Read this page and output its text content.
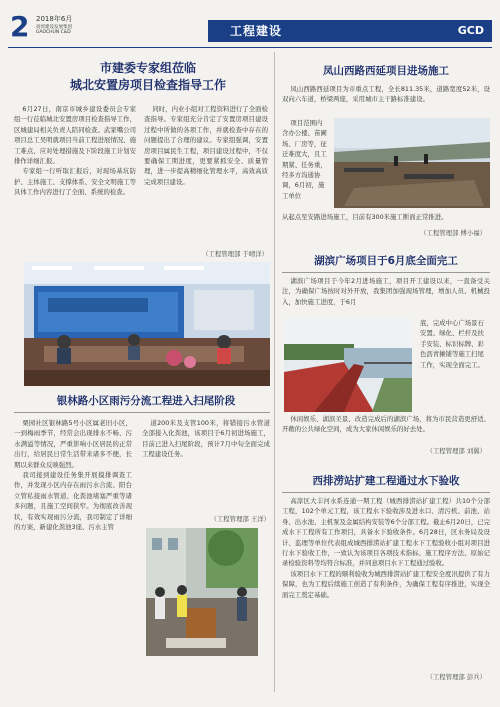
2 2018年6月
高淳建设发展集团
GAOCHUN C&D	工程建设	GCD
市建委专家组莅临
城北安置房项目检查指导工作

6月27日，南京市城乡建设委员会专家组一行莅临城北安置房项目检查指导工作，区城建局相关负责人陪同检查。武家嘴公司项目总工吴明就项目当前工程进展情况、施工难点、应对处理措施及下阶段施工计划安排作详细汇报。

专家组一行听取汇报后，对现场基坑防护、主体施工、支撑体系、安全文明施工等具体工作内容进行了全面、系统的检查。

同时，内业小组对工程资料进行了全面检查指导。专家组充分肯定了安置房项目建设过程中所做的各项工作，并就检查中存在的问题提出了合理的建议。专家组强调，安置房项目属民生工程，项目建设过程中，不仅要确保工期进度，更要紧抓安全、质量管理，进一步提高精细化管理水平，高效高质完成项目建设。

（工程管理部 于晴洋）
银林路小区雨污分流工程进入扫尾阶段

栗园社区银林路5号小区属老旧小区，一到梅雨季节，经常会出现排水不畅、污水满溢等情况，严重影响小区居民的正常出行，给居民日常生活带来诸多不便，长期以来群众反映强烈。

我司接到建设任务集开展摸排调查工作，并发现小区内存在雨污水合流、阳台立管私接雨水管道、化粪池堵塞严重等诸多问题，且施工空间狭窄。为彻底改善现状，有效实现雨污分流，我司制定了详细的方案，新建化粪池3座、污水主管

道200米及支管100米，将错接污水管道全部接入化粪池，该项目于6月初进场施工，目前已进入扫尾阶段，预计7月中旬全面完成工程建设任务。

（工程管理部 王洋）
凤山西路西延项目进场施工

凤山西路西延项目为市重点工程，全长811.35米，道路宽度52米，设双向六车道，桥梁两座，采用城市主干路标准建设。

项目范围内含办公楼、苗圃场、厂房等，征迁难度大，且工期紧、任务重，经多方沟通协调，6月初，施工单位

从起点至安路进场施工，目前有300米施工断面正常推进。

（工程管理部 傅小福）
湖滨广场项目于6月底全面完工

湖滨广场项目于今年2月进场施工，项目开工建设以来，一直备受关注，为确保广场按时对外开放，我集团加强现场管理，增加人员、机械投入，加快施工进度，于6月

底，完成中心广场景石安置、绿化、栏杆及扶手安装、标识标牌、彩色沥青摊铺等施工扫尾工作，实现全面完工。

休闲娱乐、湖滨美景、改造完成后的湖滨广场，将为市民营造更舒适、开敞的公共绿化空间，成为大家休闲娱乐的好去处。

（工程管理部 刘翼）
西排涝站扩建工程通过水下验收

高淳区大丰河水系连通一期工程（城西排涝站扩建工程）共10个分部工程，102个单元工程，该工程水下验收涉及进水口、清污机、前池、站身、出水池、主机泵及金属结构安装等6个分部工程。截止6月20日，已完成水下工程所有工作项目，具备水下验收条件。6月28日，区水务局及设计、监理等单位代表组成城西排涝站扩建工程水下工程验收小组对项目进行水下验收工作，一致认为该项目各项技术指标、施工程序方法、原始记录检验资料等均符合标准，并同意项目水下工程通过验收。

该项目水下工程的顺利验收为城西排涝站扩建工程安全度汛提供了有力保障，也为工程后续施工创造了有利条件，为确保工程有序推进，实现全面完工奠定基础。

（工程管理部 彭兵）
